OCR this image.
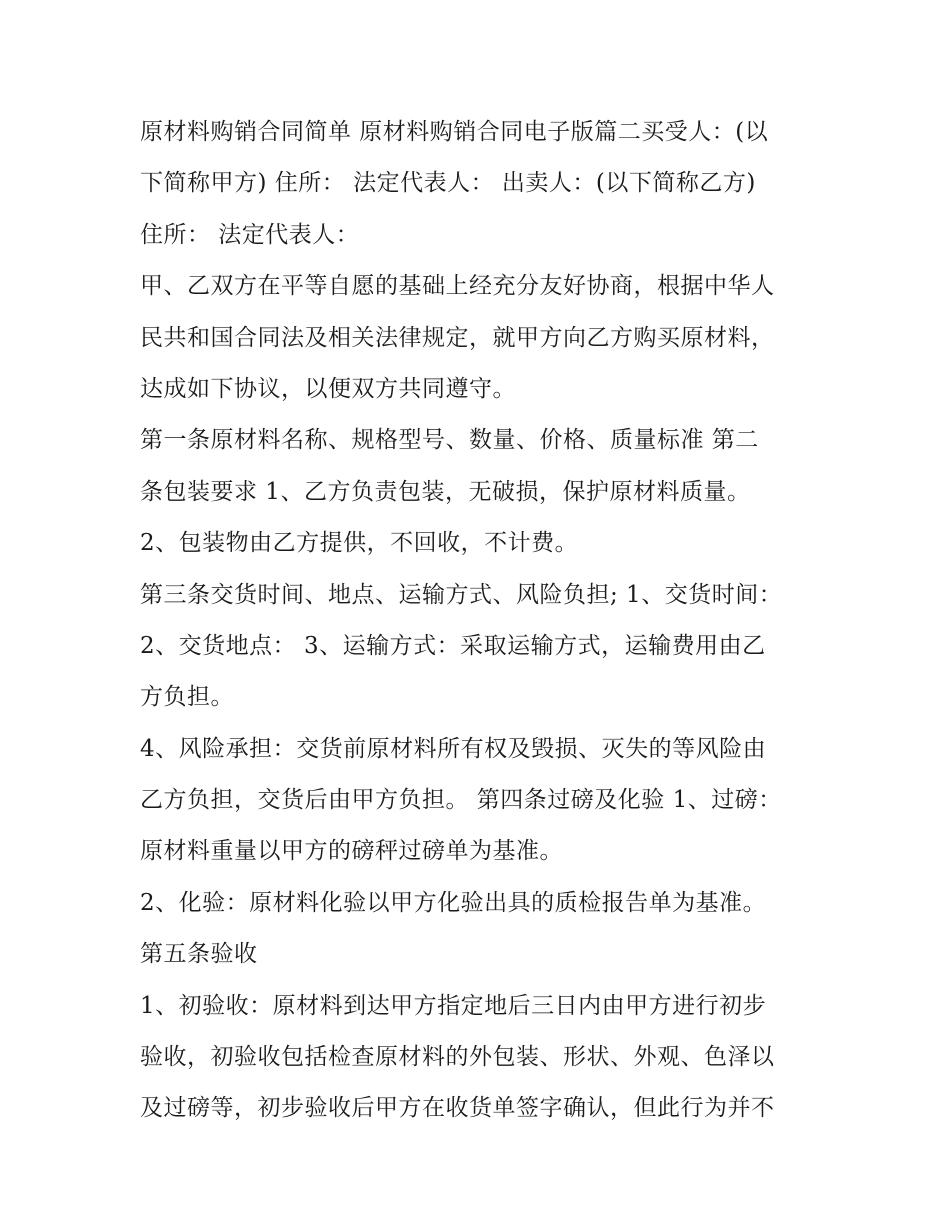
原材料购销合同简单 原材料购销合同电子版篇二买受人：(以
下简称甲方) 住所： 法定代表人： 出卖人：(以下简称乙方)
住所： 法定代表人：
甲、乙双方在平等自愿的基础上经充分友好协商，根据中华人
民共和国合同法及相关法律规定，就甲方向乙方购买原材料，
达成如下协议，以便双方共同遵守。
第一条原材料名称、规格型号、数量、价格、质量标准 第二
条包装要求 1、乙方负责包装，无破损，保护原材料质量。
2、包装物由乙方提供，不回收，不计费。
第三条交货时间、地点、运输方式、风险负担; 1、交货时间：
2、交货地点： 3、运输方式：采取运输方式，运输费用由乙
方负担。
4、风险承担：交货前原材料所有权及毁损、灭失的等风险由
乙方负担，交货后由甲方负担。 第四条过磅及化验 1、过磅：
原材料重量以甲方的磅秤过磅单为基准。
2、化验：原材料化验以甲方化验出具的质检报告单为基准。
第五条验收
1、初验收：原材料到达甲方指定地后三日内由甲方进行初步
验收，初验收包括检查原材料的外包装、形状、外观、色泽以
及过磅等，初步验收后甲方在收货单签字确认，但此行为并不
